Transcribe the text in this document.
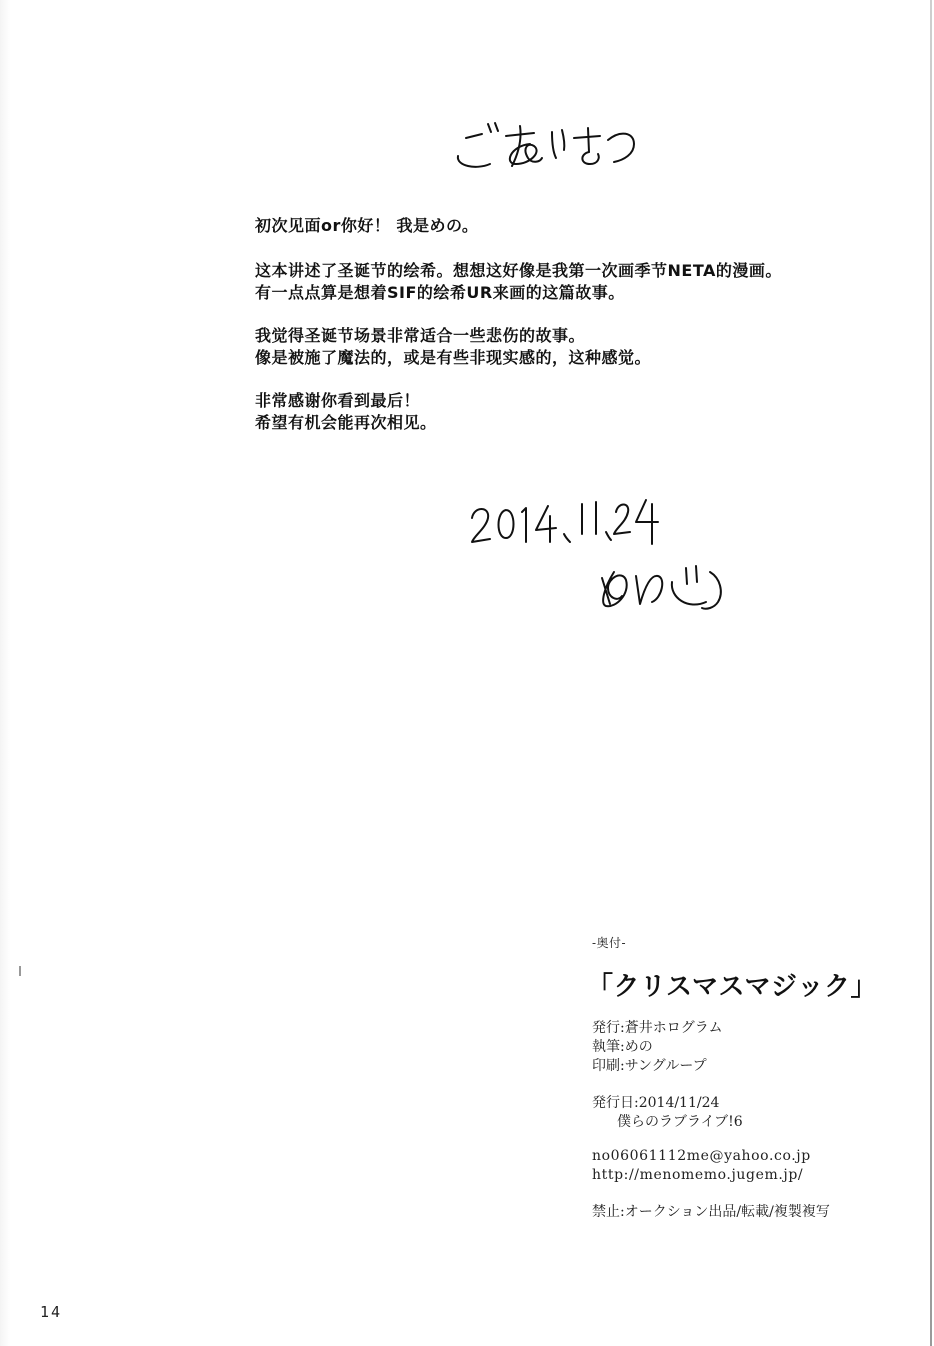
初次见面or你好！ 我是めの。
这本讲述了圣诞节的绘希。想想这好像是我第一次画季节NETA的漫画。
有一点点算是想着SIF的绘希UR来画的这篇故事。
我觉得圣诞节场景非常适合一些悲伤的故事。
像是被施了魔法的，或是有些非现实感的，这种感觉。
非常感谢你看到最后！
希望有机会能再次相见。
-奥付-
「クリスマスマジック」
発行:蒼井ホログラム
執筆:めの
印刷:サングループ
発行日:2014/11/24
僕らのラブライブ!6
no06061112me@yahoo.co.jp
http://menomemo.jugem.jp/
禁止:オークション出品/転載/複製複写
14
